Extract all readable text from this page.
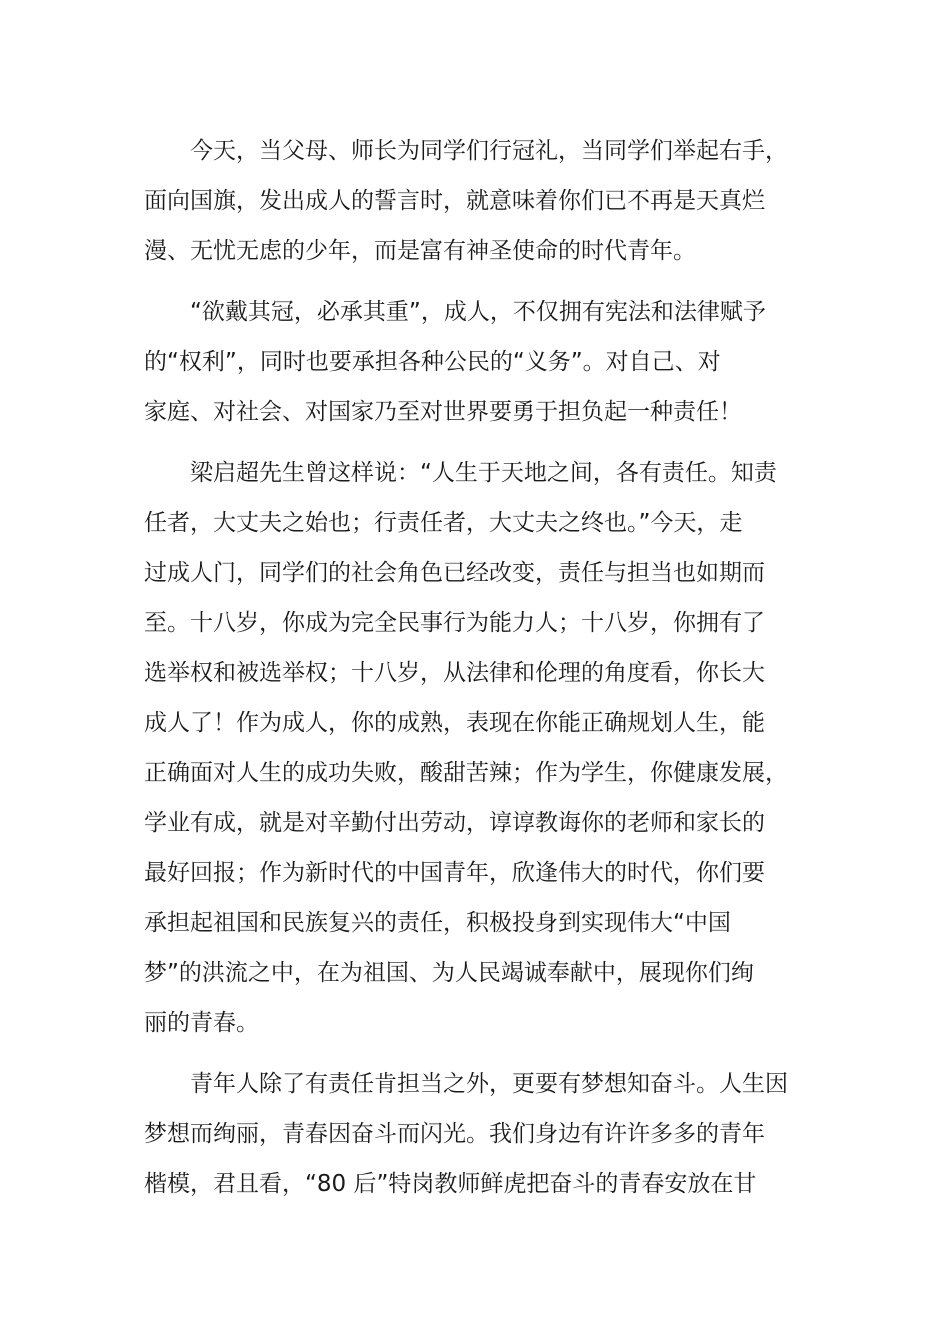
　　今天，当父母、师长为同学们行冠礼，当同学们举起右手，
面向国旗，发出成人的誓言时，就意味着你们已不再是天真烂
漫、无忧无虑的少年，而是富有神圣使命的时代青年。

　　“欲戴其冠，必承其重”，成人，不仅拥有宪法和法律赋予
的“权利”，同时也要承担各种公民的“义务”。对自己、对
家庭、对社会、对国家乃至对世界要勇于担负起一种责任！

　　梁启超先生曾这样说：“人生于天地之间，各有责任。知责
任者，大丈夫之始也；行责任者，大丈夫之终也。”今天，走
过成人门，同学们的社会角色已经改变，责任与担当也如期而
至。十八岁，你成为完全民事行为能力人；十八岁，你拥有了
选举权和被选举权；十八岁，从法律和伦理的角度看，你长大
成人了！作为成人，你的成熟，表现在你能正确规划人生，能
正确面对人生的成功失败，酸甜苦辣；作为学生，你健康发展，
学业有成，就是对辛勤付出劳动，谆谆教诲你的老师和家长的
最好回报；作为新时代的中国青年，欣逢伟大的时代，你们要
承担起祖国和民族复兴的责任，积极投身到实现伟大“中国
梦”的洪流之中，在为祖国、为人民竭诚奉献中，展现你们绚
丽的青春。

　　青年人除了有责任肯担当之外，更要有梦想知奋斗。人生因
梦想而绚丽，青春因奋斗而闪光。我们身边有许许多多的青年
楷模，君且看，“80 后”特岗教师鲜虎把奋斗的青春安放在甘
